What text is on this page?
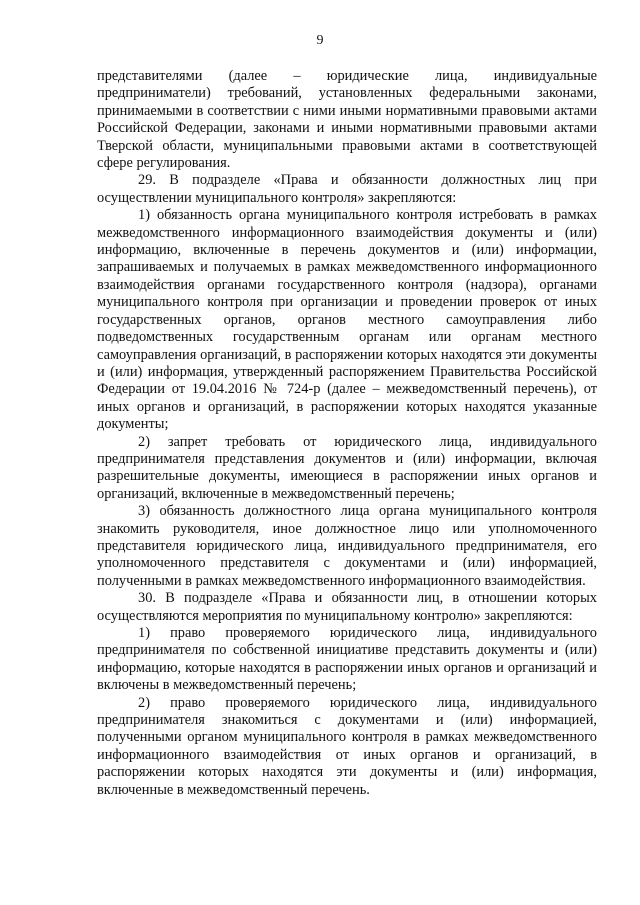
9

представителями (далее – юридические лица, индивидуальные предприниматели) требований, установленных федеральными законами, принимаемыми в соответствии с ними иными нормативными правовыми актами Российской Федерации, законами и иными нормативными правовыми актами Тверской области, муниципальными правовыми актами в соответствующей сфере регулирования.

29. В подразделе «Права и обязанности должностных лиц при осуществлении муниципального контроля» закрепляются:

1) обязанность органа муниципального контроля истребовать в рамках межведомственного информационного взаимодействия документы и (или) информацию, включенные в перечень документов и (или) информации, запрашиваемых и получаемых в рамках межведомственного информационного взаимодействия органами государственного контроля (надзора), органами муниципального контроля при организации и проведении проверок от иных государственных органов, органов местного самоуправления либо подведомственных государственным органам или органам местного самоуправления организаций, в распоряжении которых находятся эти документы и (или) информация, утвержденный распоряжением Правительства Российской Федерации от 19.04.2016 № 724-р (далее – межведомственный перечень), от иных органов и организаций, в распоряжении которых находятся указанные документы;

2) запрет требовать от юридического лица, индивидуального предпринимателя представления документов и (или) информации, включая разрешительные документы, имеющиеся в распоряжении иных органов и организаций, включенные в межведомственный перечень;

3) обязанность должностного лица органа муниципального контроля знакомить руководителя, иное должностное лицо или уполномоченного представителя юридического лица, индивидуального предпринимателя, его уполномоченного представителя с документами и (или) информацией, полученными в рамках межведомственного информационного взаимодействия.

30. В подразделе «Права и обязанности лиц, в отношении которых осуществляются мероприятия по муниципальному контролю» закрепляются:

1) право проверяемого юридического лица, индивидуального предпринимателя по собственной инициативе представить документы и (или) информацию, которые находятся в распоряжении иных органов и организаций и включены в межведомственный перечень;

2) право проверяемого юридического лица, индивидуального предпринимателя знакомиться с документами и (или) информацией, полученными органом муниципального контроля в рамках межведомственного информационного взаимодействия от иных органов и организаций, в распоряжении которых находятся эти документы и (или) информация, включенные в межведомственный перечень.
